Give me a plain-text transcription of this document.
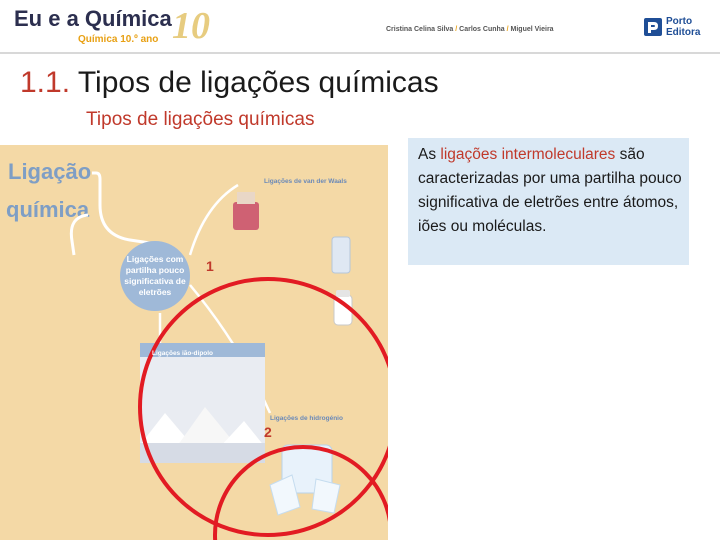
Eu e a Química
Química 10.º ano 10	Cristina Celina Silva / Carlos Cunha / Miguel Vieira
Porto
Editora
1.1. Tipos de ligações químicas
Tipos de ligações químicas
Ligação
química
Ligações de van der Waals
Ligações ião-dipolo
Ligações de hidrogénio
Ligações com partilha pouco significativa de eletrões
1
2
As ligações intermoleculares são caracterizadas por uma partilha pouco significativa de eletrões entre átomos, iões ou moléculas.
